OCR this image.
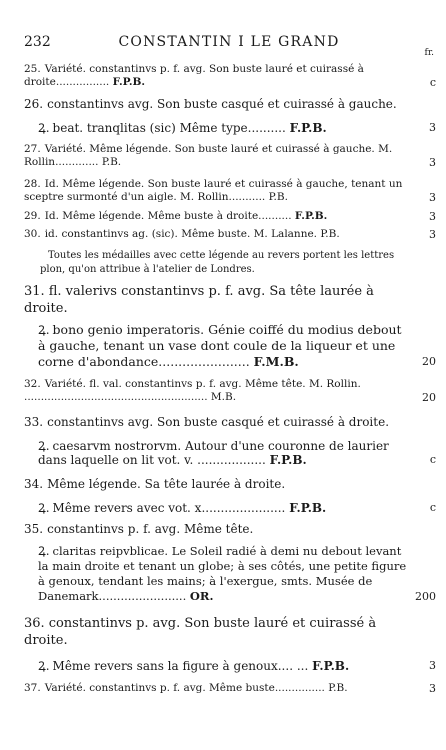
232	CONSTANTIN I LE GRAND
fr.
25. Variété. constantinvs p. f. avg. Son buste lauré et cuirassé à droite................ F.P.B.	c
26. constantinvs avg. Son buste casqué et cuirassé à gauche.
Ꝝ. beat. tranqlitas (sic) Même type.......... F.P.B.	3
27. Variété. Même légende. Son buste lauré et cuirassé à gauche. M. Rollin............. P.B.	3
28. Id. Même légende. Son buste lauré et cuirassé à gauche, tenant un sceptre surmonté d'un aigle. M. Rollin........... P.B.	3
29. Id. Même légende. Même buste à droite.......... F.P.B.	3
30. id. constantinvs ag. (sic). Même buste. M. Lalanne. P.B.	3
Toutes les médailles avec cette légende au revers portent les lettres plon, qu'on attribue à l'atelier de Londres.
31. fl. valerivs constantinvs p. f. avg. Sa tête laurée à droite.
Ꝝ. bono genio imperatoris. Génie coiffé du modius debout à gauche, tenant un vase dont coule de la liqueur et une corne d'abondance....................... F.M.B.	20
32. Variété. fl. val. constantinvs p. f. avg. Même tête. M. Rollin. ....................................................... M.B.	20
33. constantinvs avg. Son buste casqué et cuirassé à droite.
Ꝝ. caesarvm nostrorvm. Autour d'une couronne de laurier dans laquelle on lit vot. v. .................. F.P.B.	c
34. Même légende. Sa tête laurée à droite.
Ꝝ. Même revers avec vot. x...................... F.P.B.	c
35. constantinvs p. f. avg. Même tête.
Ꝝ. claritas reipvblicae. Le Soleil radié à demi nu debout levant la main droite et tenant un globe; à ses côtés, une petite figure à genoux, tendant les mains; à l'exergue, smts. Musée de Danemark........................ OR.	200
36. constantinvs p. avg. Son buste lauré et cuirassé à droite.
Ꝝ. Même revers sans la figure à genoux.... ... F.P.B.	3
37. Variété. constantinvs p. f. avg. Même buste............... P.B.	3
